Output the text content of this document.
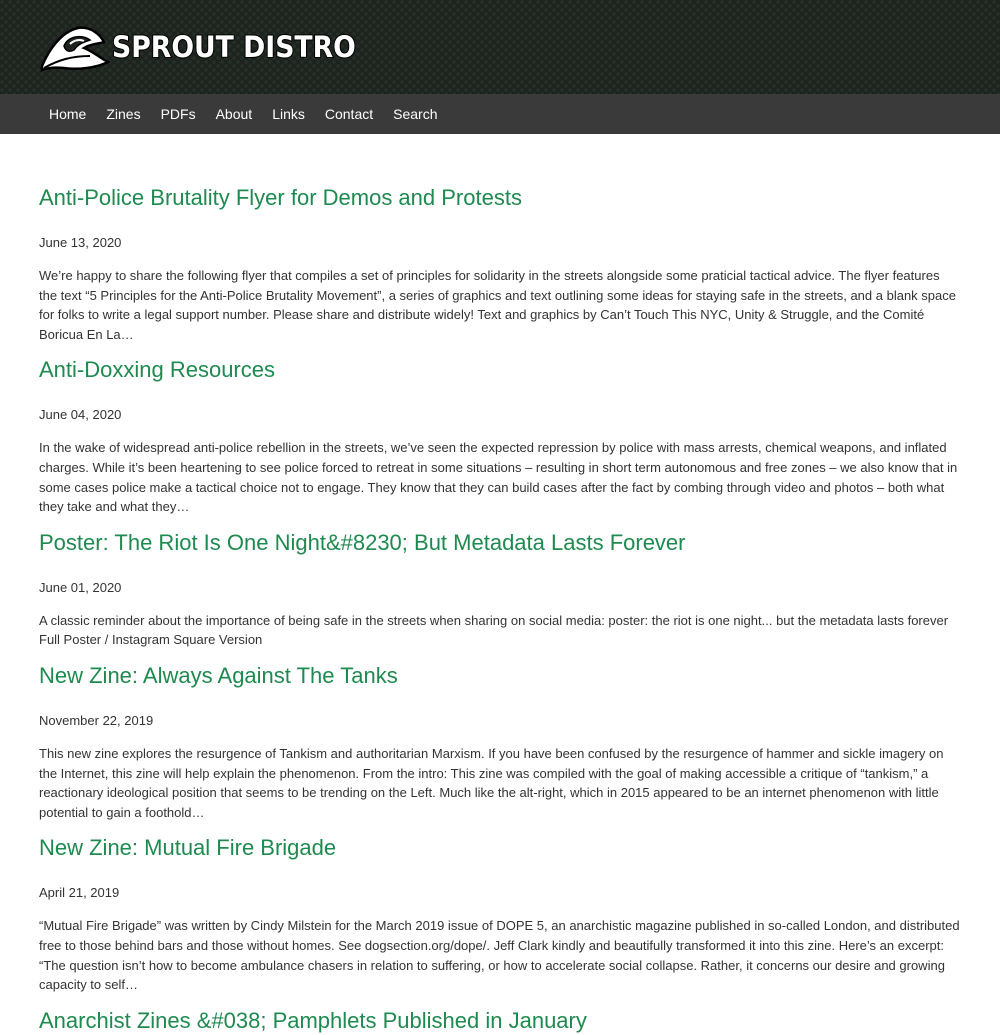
SPROUT DISTRO
Home	Zines	PDFs	About	Links	Contact	Search
Anti-Police Brutality Flyer for Demos and Protests
June 13, 2020

We’re happy to share the following flyer that compiles a set of principles for solidarity in the streets alongside some praticial tactical advice. The flyer features the text “5 Principles for the Anti-Police Brutality Movement”, a series of graphics and text outlining some ideas for staying safe in the streets, and a blank space for folks to write a legal support number. Please share and distribute widely! Text and graphics by Can’t Touch This NYC, Unity & Struggle, and the Comité Boricua En La…

Anti-Doxxing Resources
June 04, 2020

In the wake of widespread anti-police rebellion in the streets, we’ve seen the expected repression by police with mass arrests, chemical weapons, and inflated charges. While it’s been heartening to see police forced to retreat in some situations – resulting in short term autonomous and free zones – we also know that in some cases police make a tactical choice not to engage. They know that they can build cases after the fact by combing through video and photos – both what they take and what they…

Poster: The Riot Is One Night&#8230; But Metadata Lasts Forever
June 01, 2020

A classic reminder about the importance of being safe in the streets when sharing on social media: poster: the riot is one night... but the metadata lasts forever Full Poster / Instagram Square Version

New Zine: Always Against The Tanks
November 22, 2019

This new zine explores the resurgence of Tankism and authoritarian Marxism. If you have been confused by the resurgence of hammer and sickle imagery on the Internet, this zine will help explain the phenomenon. From the intro: This zine was compiled with the goal of making accessible a critique of “tankism,” a reactionary ideological position that seems to be trending on the Left. Much like the alt-right, which in 2015 appeared to be an internet phenomenon with little potential to gain a foothold…

New Zine: Mutual Fire Brigade
April 21, 2019

“Mutual Fire Brigade” was written by Cindy Milstein for the March 2019 issue of DOPE 5, an anarchistic magazine published in so-called London, and distributed free to those behind bars and those without homes. See dogsection.org/dope/. Jeff Clark kindly and beautifully transformed it into this zine. Here’s an excerpt: “The question isn’t how to become ambulance chasers in relation to suffering, or how to accelerate social collapse. Rather, it concerns our desire and growing capacity to self…

Anarchist Zines &#038; Pamphlets Published in January
